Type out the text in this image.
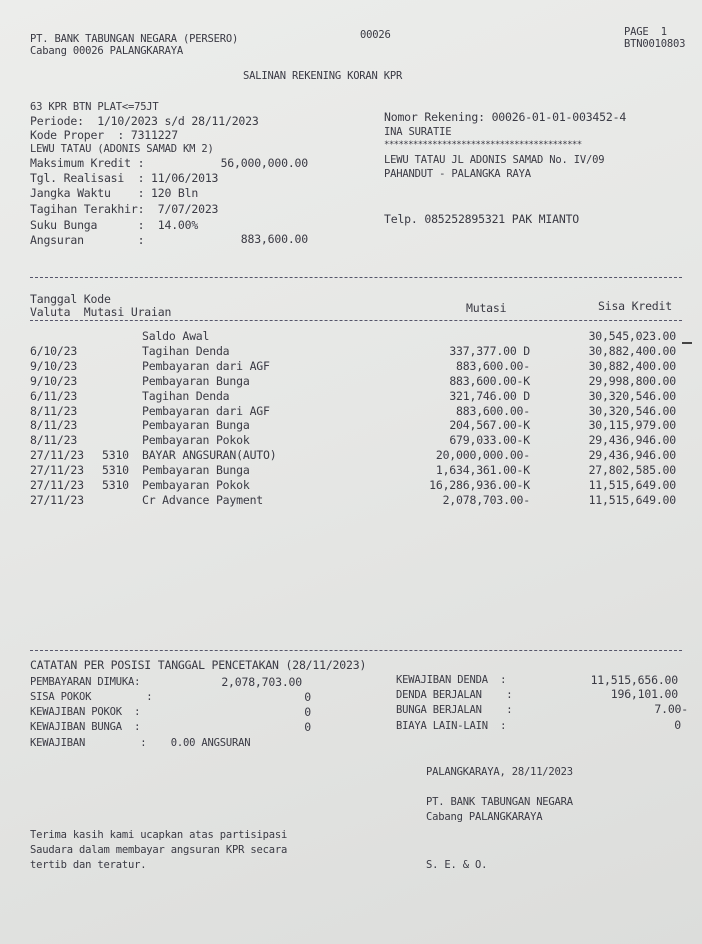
PT. BANK TABUNGAN NEGARA (PERSERO)
Cabang 00026 PALANGKARAYA
00026	PAGE  1
BTN0010803
SALINAN REKENING KORAN KPR
63 KPR BTN PLAT<=75JT
Periode:  1/10/2023 s/d 28/11/2023
Kode Proper  : 7311227
LEWU TATAU (ADONIS SAMAD KM 2)
Maksimum Kredit :	56,000,000.00
Tgl. Realisasi  : 11/06/2013
Jangka Waktu    : 120 Bln
Tagihan Terakhir:  7/07/2023
Suku Bunga      :  14.00%
Angsuran        :	883,600.00
Nomor Rekening: 00026-01-01-003452-4
INA SURATIE
*****************************************
LEWU TATAU JL ADONIS SAMAD No. IV/09
PAHANDUT - PALANGKA RAYA
Telp. 085252895321 PAK MIANTO
Tanggal Kode
Valuta  Mutasi Uraian	Mutasi	Sisa Kredit
Saldo Awal	30,545,023.00
6/10/23	Tagihan Denda	337,377.00 D	30,882,400.00
9/10/23	Pembayaran dari AGF	883,600.00-	30,882,400.00
9/10/23	Pembayaran Bunga	883,600.00-K	29,998,800.00
6/11/23	Tagihan Denda	321,746.00 D	30,320,546.00
8/11/23	Pembayaran dari AGF	883,600.00-	30,320,546.00
8/11/23	Pembayaran Bunga	204,567.00-K	30,115,979.00
8/11/23	Pembayaran Pokok	679,033.00-K	29,436,946.00
27/11/23 5310 BAYAR ANGSURAN(AUTO)	20,000,000.00-	29,436,946.00
27/11/23 5310 Pembayaran Bunga	1,634,361.00-K	27,802,585.00
27/11/23 5310 Pembayaran Pokok	16,286,936.00-K	11,515,649.00
27/11/23	Cr Advance Payment	2,078,703.00-	11,515,649.00
CATATAN PER POSISI TANGGAL PENCETAKAN (28/11/2023)
PEMBAYARAN DIMUKA:	2,078,703.00
SISA POKOK         :	0
KEWAJIBAN POKOK  :	0
KEWAJIBAN BUNGA  :	0
KEWAJIBAN         :    0.00 ANGSURAN
KEWAJIBAN DENDA  :	11,515,656.00
DENDA BERJALAN    :	196,101.00
BUNGA BERJALAN    :	7.00-
BIAYA LAIN-LAIN  :	0
PALANGKARAYA, 28/11/2023
PT. BANK TABUNGAN NEGARA
Cabang PALANGKARAYA
Terima kasih kami ucapkan atas partisipasi
Saudara dalam membayar angsuran KPR secara
tertib dan teratur.	S. E. & O.
